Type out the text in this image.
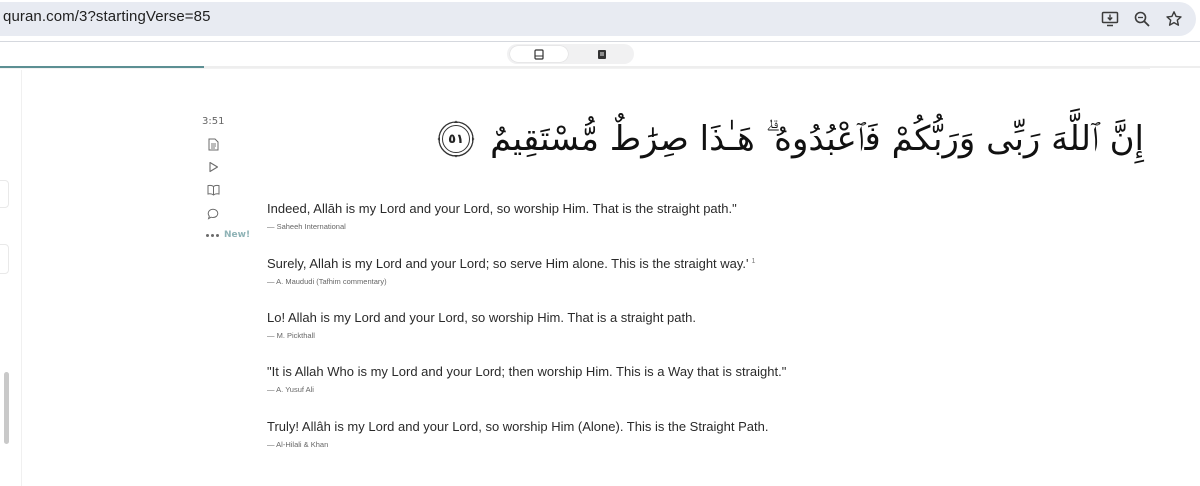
quran.com/3?startingVerse=85
3:51
New!
٥١ إِنَّ ٱللَّهَ رَبِّى وَرَبُّكُمْ فَٱعْبُدُوهُ ۗ هَـٰذَا صِرَٰطٌ مُّسْتَقِيمٌ
Indeed, Allāh is my Lord and your Lord, so worship Him. That is the straight path."
— Saheeh International
Surely, Allah is my Lord and your Lord; so serve Him alone. This is the straight way.' $^1$
— A. Maududi (Tafhim commentary)
Lo! Allah is my Lord and your Lord, so worship Him. That is a straight path.
— M. Pickthall
"It is Allah Who is my Lord and your Lord; then worship Him. This is a Way that is straight."
— A. Yusuf Ali
Truly! Allâh is my Lord and your Lord, so worship Him (Alone). This is the Straight Path.
— Al-Hilali & Khan
